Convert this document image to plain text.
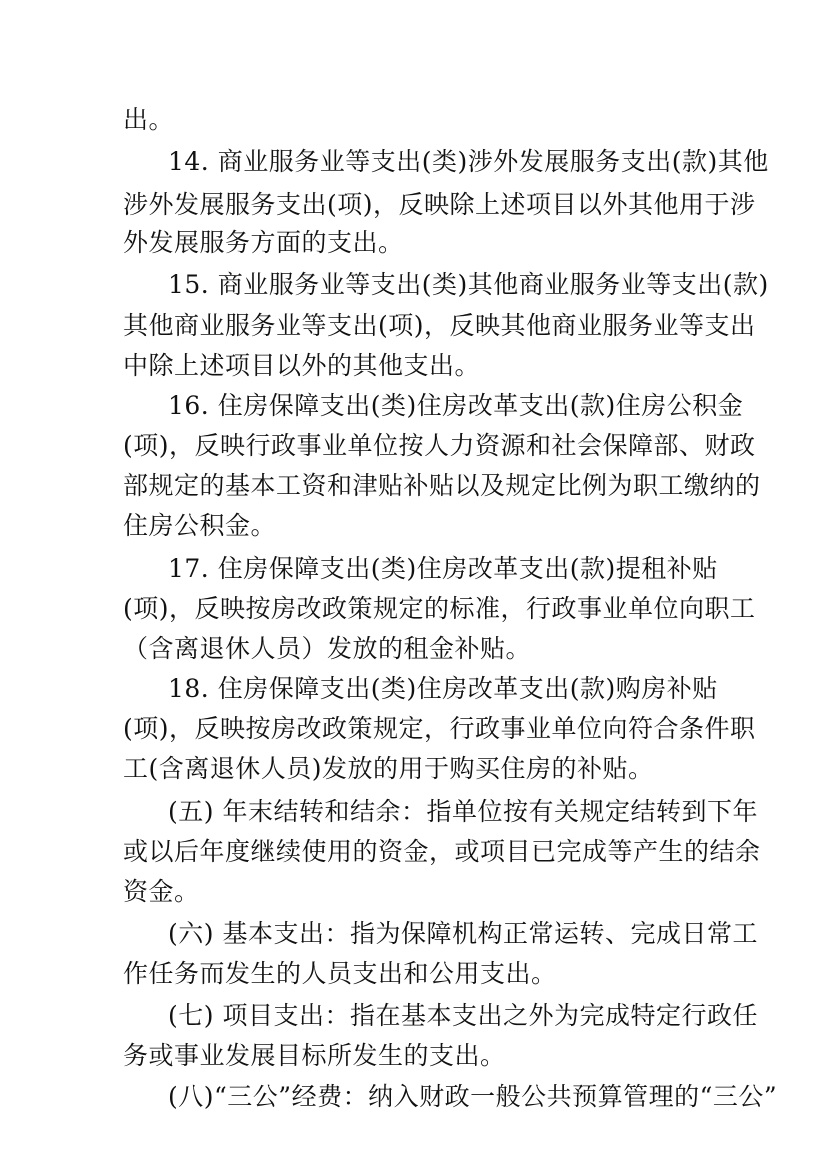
出。
14. 商业服务业等支出(类)涉外发展服务支出(款)其他
涉外发展服务支出(项)，反映除上述项目以外其他用于涉
外发展服务方面的支出。
15. 商业服务业等支出(类)其他商业服务业等支出(款)
其他商业服务业等支出(项)，反映其他商业服务业等支出
中除上述项目以外的其他支出。
16. 住房保障支出(类)住房改革支出(款)住房公积金
(项)，反映行政事业单位按人力资源和社会保障部、财政
部规定的基本工资和津贴补贴以及规定比例为职工缴纳的
住房公积金。
17. 住房保障支出(类)住房改革支出(款)提租补贴
(项)，反映按房改政策规定的标准，行政事业单位向职工
（含离退休人员）发放的租金补贴。
18. 住房保障支出(类)住房改革支出(款)购房补贴
(项)，反映按房改政策规定，行政事业单位向符合条件职
工(含离退休人员)发放的用于购买住房的补贴。
(五) 年末结转和结余：指单位按有关规定结转到下年
或以后年度继续使用的资金，或项目已完成等产生的结余
资金。
(六) 基本支出：指为保障机构正常运转、完成日常工
作任务而发生的人员支出和公用支出。
(七) 项目支出：指在基本支出之外为完成特定行政任
务或事业发展目标所发生的支出。
(八)“三公”经费：纳入财政一般公共预算管理的“三公”
